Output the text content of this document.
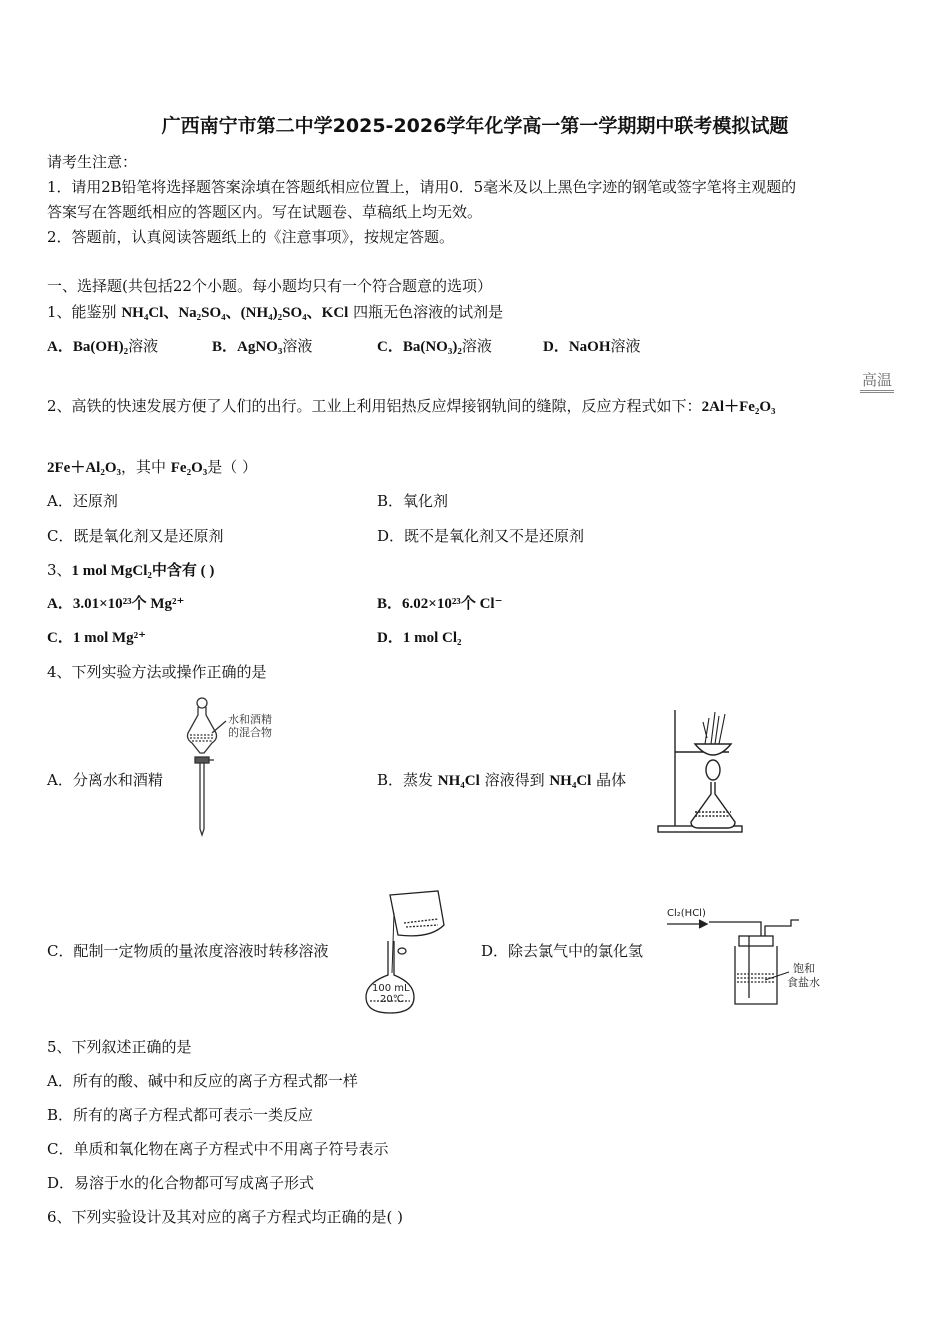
广西南宁市第二中学2025-2026学年化学高一第一学期期中联考模拟试题
请考生注意：
1．请用2B铅笔将选择题答案涂填在答题纸相应位置上，请用0．5毫米及以上黑色字迹的钢笔或签字笔将主观题的
答案写在答题纸相应的答题区内。写在试题卷、草稿纸上均无效。
2．答题前，认真阅读答题纸上的《注意事项》，按规定答题。
一、选择题(共包括22个小题。每小题均只有一个符合题意的选项）
1、能鉴别 NH₄Cl、Na₂SO₄、(NH₄)₂SO₄、KCl 四瓶无色溶液的试剂是
A．Ba(OH)₂溶液	B．AgNO₃溶液	C．Ba(NO₃)₂溶液	D．NaOH溶液
高温
2、高铁的快速发展方便了人们的出行。工业上利用铝热反应焊接钢轨间的缝隙，反应方程式如下：2Al＋Fe₂O₃
2Fe＋Al₂O₃，其中 Fe₂O₃是（ ）
A．还原剂	B．氧化剂
C．既是氧化剂又是还原剂	D．既不是氧化剂又不是还原剂
3、1 mol MgCl₂中含有 ( )
A．3.01×10²³个 Mg²⁺	B．6.02×10²³个 Cl⁻
C．1 mol Mg²⁺	D．1 mol Cl₂
4、下列实验方法或操作正确的是
A．分离水和酒精
水和酒精
的混合物
B．蒸发 NH₄Cl 溶液得到 NH₄Cl 晶体
C．配制一定物质的量浓度溶液时转移溶液
100 mL
20℃
D．除去氯气中的氯化氢
Cl₂(HCl)
饱和
食盐水
5、下列叙述正确的是
A．所有的酸、碱中和反应的离子方程式都一样
B．所有的离子方程式都可表示一类反应
C．单质和氧化物在离子方程式中不用离子符号表示
D．易溶于水的化合物都可写成离子形式
6、下列实验设计及其对应的离子方程式均正确的是( )
